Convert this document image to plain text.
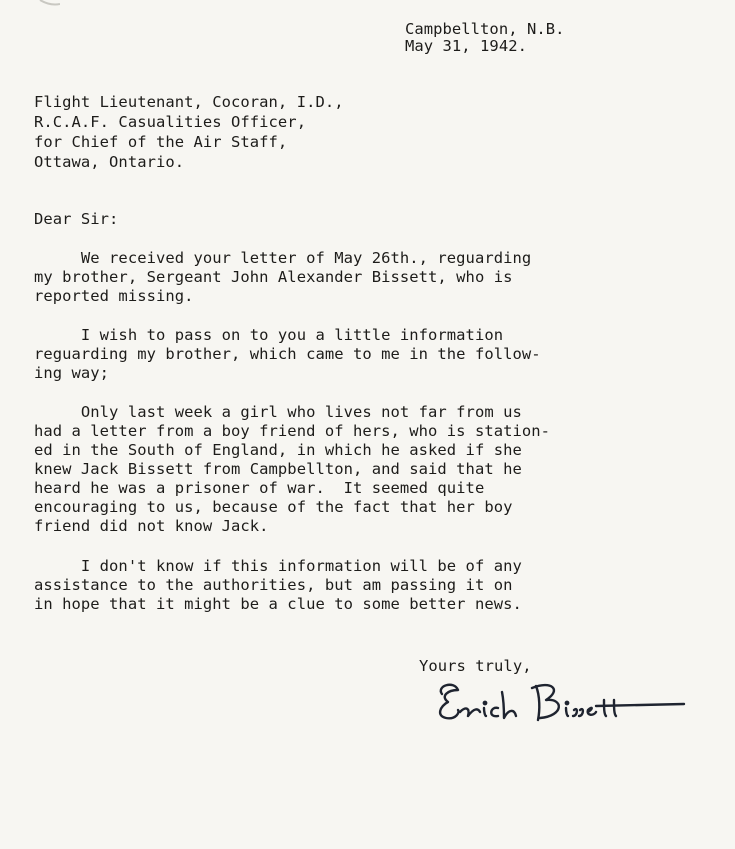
Campbellton, N.B.

May 31, 1942.

Flight Lieutenant, Cocoran, I.D.,

R.C.A.F. Casualities Officer,

for Chief of the Air Staff,

Ottawa, Ontario.

Dear Sir:

We received your letter of May 26th., reguarding

my brother, Sergeant John Alexander Bissett, who is

reported missing.

I wish to pass on to you a little information

reguarding my brother, which came to me in the follow-

ing way;

Only last week a girl who lives not far from us

had a letter from a boy friend of hers, who is station-

ed in the South of England, in which he asked if she

knew Jack Bissett from Campbellton, and said that he

heard he was a prisoner of war.  It seemed quite

encouraging to us, because of the fact that her boy

friend did not know Jack.

I don't know if this information will be of any

assistance to the authorities, but am passing it on

in hope that it might be a clue to some better news.

Yours truly,
